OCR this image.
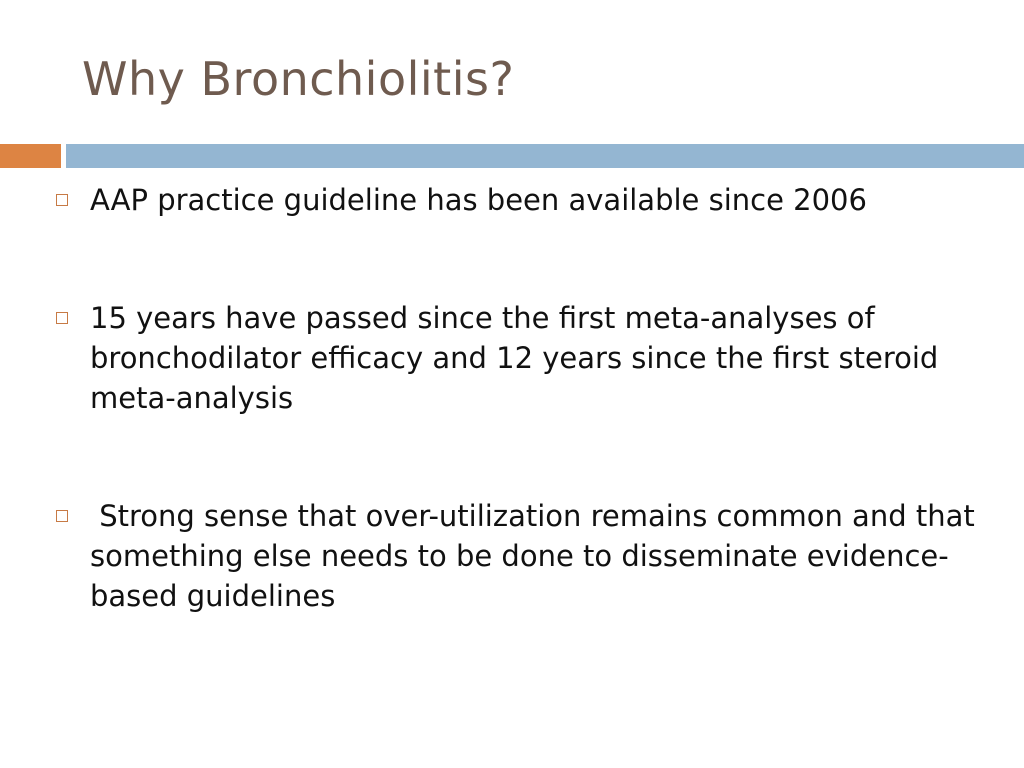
Why Bronchiolitis?
AAP practice guideline has been available since 2006
15 years have passed since the first meta-analyses of bronchodilator efficacy and 12 years since the first steroid meta-analysis
Strong sense that over-utilization remains common and that something else needs to be done to disseminate evidence-based guidelines
